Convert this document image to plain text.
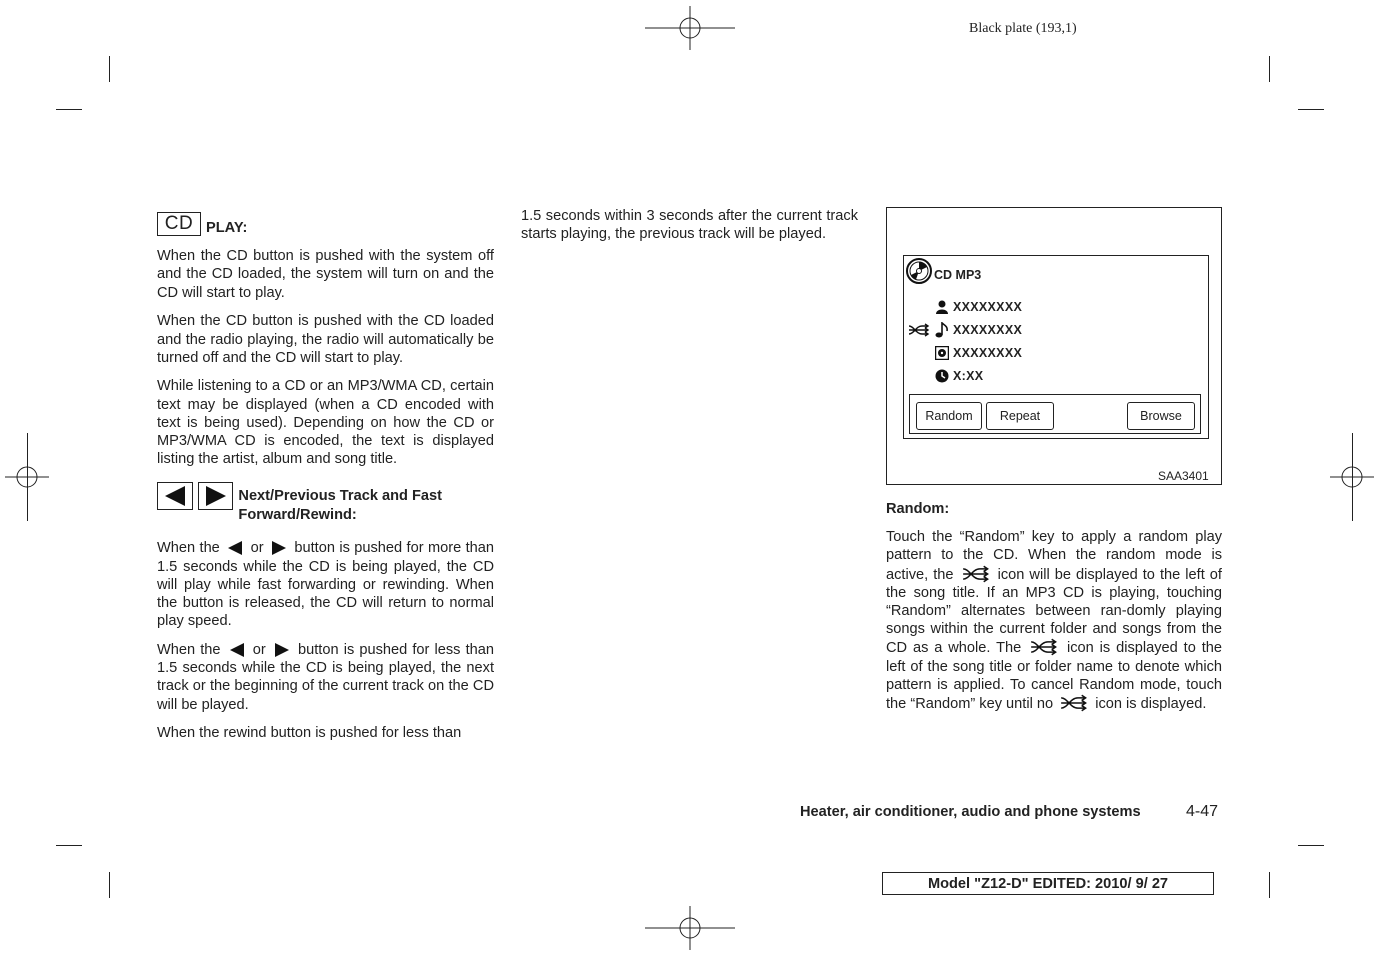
Black plate (193,1)
CD PLAY:

When the CD button is pushed with the system off and the CD loaded, the system will turn on and the CD will start to play.

When the CD button is pushed with the CD loaded and the radio playing, the radio will automatically be turned off and the CD will start to play.

While listening to a CD or an MP3/WMA CD, certain text may be displayed (when a CD encoded with text is being used). Depending on how the CD or MP3/WMA CD is encoded, the text is displayed listing the artist, album and song title.

Next/Previous Track and Fast Forward/Rewind:

When the or button is pushed for more than 1.5 seconds while the CD is being played, the CD will play while fast forwarding or rewinding. When the button is released, the CD will return to normal play speed.

When the or button is pushed for less than 1.5 seconds while the CD is being played, the next track or the beginning of the current track on the CD will be played.

When the rewind button is pushed for less than

1.5 seconds within 3 seconds after the current track starts playing, the previous track will be played.

CD MP3
XXXXXXXX
XXXXXXXX
XXXXXXXX
X:XX
Random	Repeat	Browse
SAA3401
Random:

Touch the “Random” key to apply a random play pattern to the CD. When the random mode is active, the	icon will be displayed to the left of the song title. If an MP3 CD is playing, touching “Random” alternates between ran-domly playing songs within the current folder and songs from the CD as a whole. The	icon is displayed to the left of the song title or folder name to denote which pattern is applied. To cancel Random mode, touch the “Random” key until no	icon is displayed.

Heater, air conditioner, audio and phone systems	4-47
Model "Z12-D" EDITED: 2010/ 9/ 27
